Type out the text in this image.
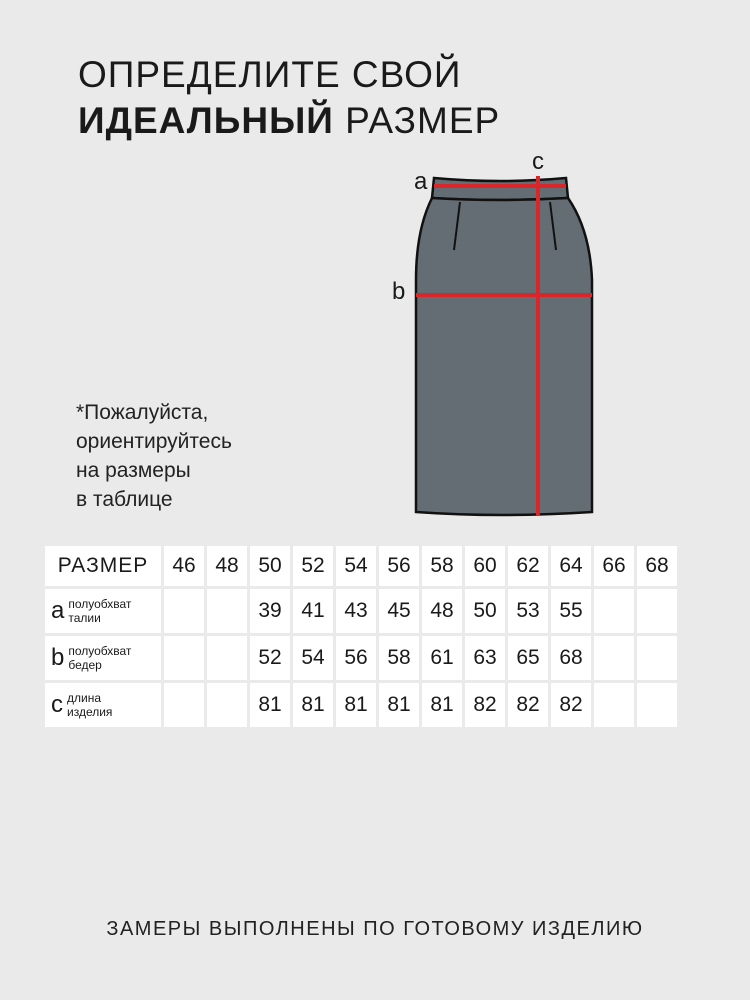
ОПРЕДЕЛИТЕ СВОЙ
ИДЕАЛЬНЫЙ РАЗМЕР
*Пожалуйста,
ориентируйтесь
на размеры
в таблице
a
c
b
РАЗМЕР	46	48	50	52	54	56	58	60	62	64	66	68
a полуобхват
талии			39	41	43	45	48	50	53	55		
b полуобхват
бедер			52	54	56	58	61	63	65	68		
c длина
изделия			81	81	81	81	81	82	82	82		
ЗАМЕРЫ ВЫПОЛНЕНЫ ПО ГОТОВОМУ ИЗДЕЛИЮ
